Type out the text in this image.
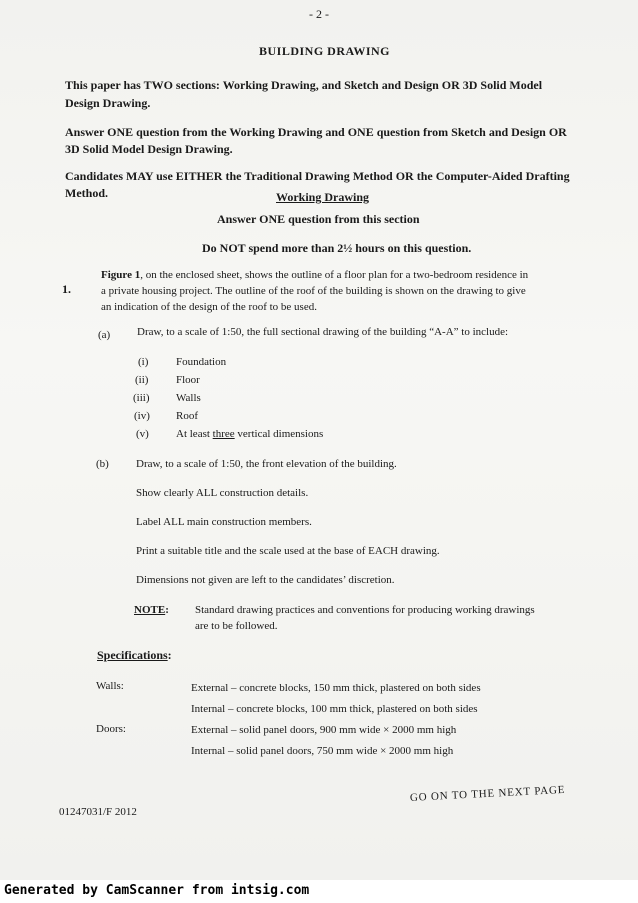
- 2 -
BUILDING DRAWING
This paper has TWO sections: Working Drawing, and Sketch and Design OR 3D Solid Model
Design Drawing.
Answer ONE question from the Working Drawing and ONE question from Sketch and Design OR
3D Solid Model Design Drawing.
Candidates MAY use EITHER the Traditional Drawing Method OR the Computer-Aided Drafting
Method.	Working Drawing
Answer ONE question from this section
Do NOT spend more than 2½ hours on this question.
1.
Figure 1, on the enclosed sheet, shows the outline of a floor plan for a two-bedroom residence in
a private housing project. The outline of the roof of the building is shown on the drawing to give
an indication of the design of the roof to be used.
(a) Draw, to a scale of 1:50, the full sectional drawing of the building “A-A” to include:
(i)	Foundation
(ii)	Floor
(iii) Walls
(iv) Roof
(v) At least three vertical dimensions
(b) Draw, to a scale of 1:50, the front elevation of the building.
Show clearly ALL construction details.
Label ALL main construction members.
Print a suitable title and the scale used at the base of EACH drawing.
Dimensions not given are left to the candidates’ discretion.
NOTE: Standard drawing practices and conventions for producing working drawings
are to be followed.
Specifications:
Walls:	External – concrete blocks, 150 mm thick, plastered on both sides
Internal – concrete blocks, 100 mm thick, plastered on both sides
Doors:	External – solid panel doors, 900 mm wide × 2000 mm high
Internal – solid panel doors, 750 mm wide × 2000 mm high
01247031/F 2012
GO ON TO THE NEXT PAGE
Generated by CamScanner from intsig.com
